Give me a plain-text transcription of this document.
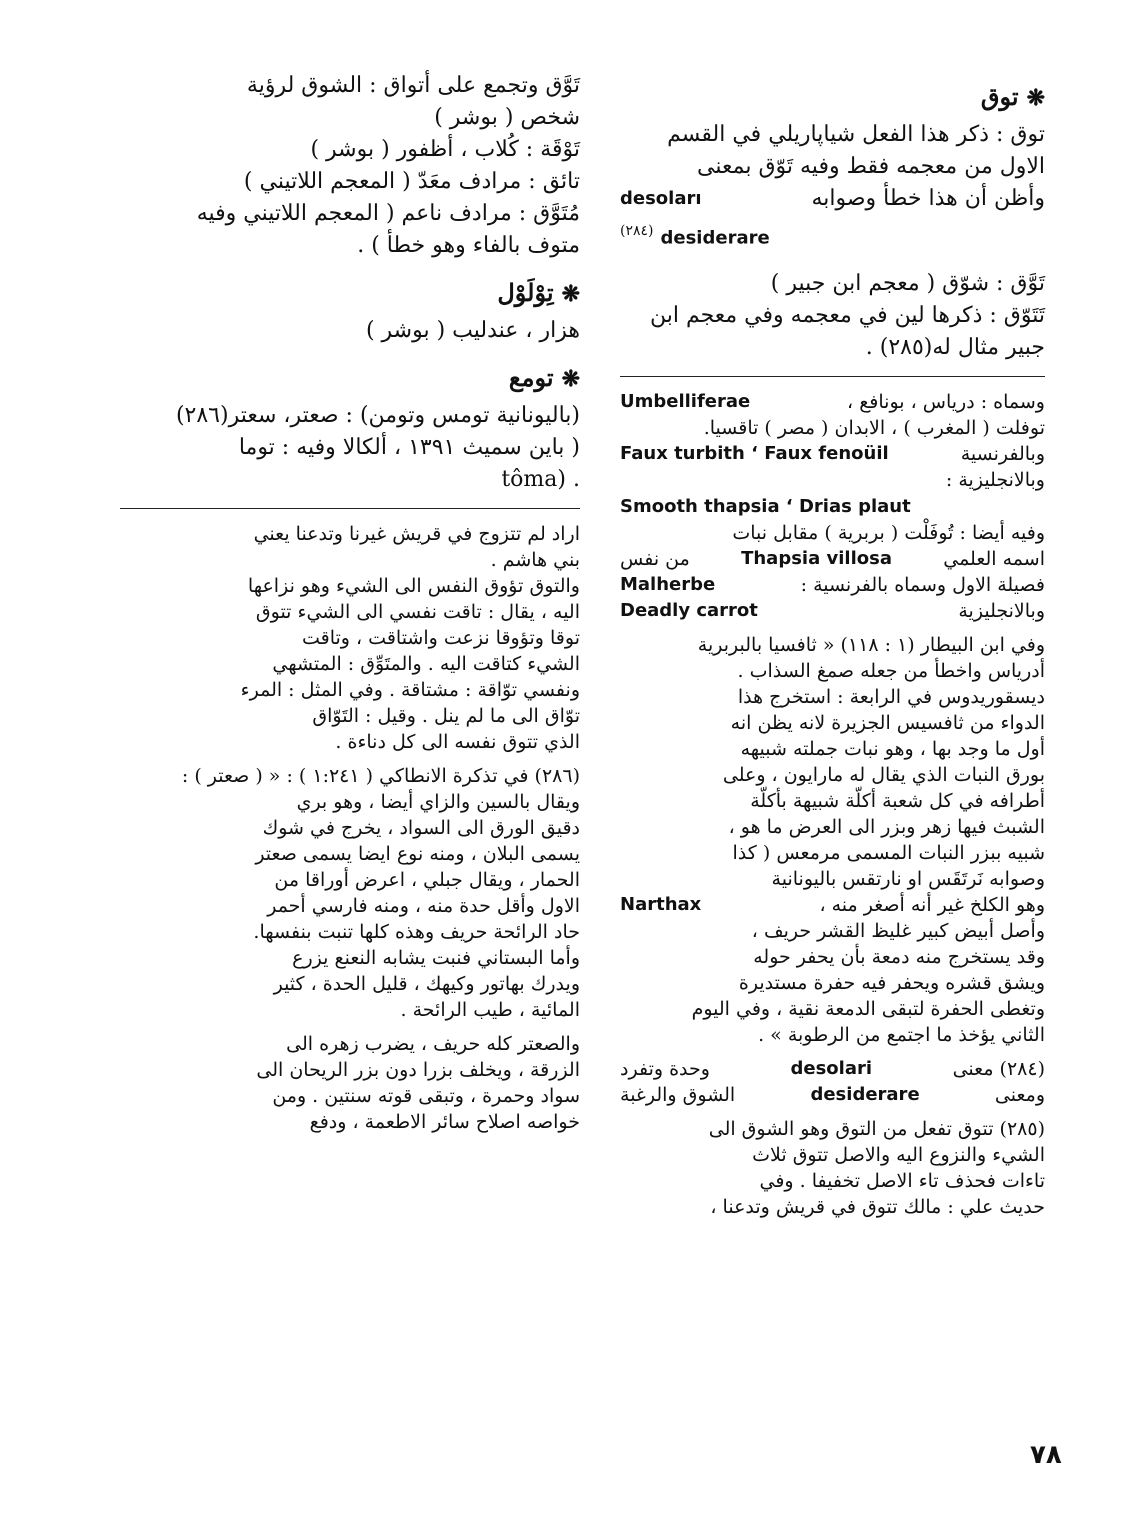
❋توق

توق : ذكر هذا الفعل شياپاريلي في القسم

الاول من معجمه فقط وفيه تَوّق بمعنى

وأظن أن هذا خطأ وصوابه
desoları

desiderare $^{(٢٨٤)}$

تَوَّق : شوّق ( معجم ابن جبير )

تَتَوّق : ذكرها لين في معجمه وفي معجم ابن

جبير مثال له(٢٨٥) .

وسماه : درياس ، بونافع ،
Umbelliferae

توفلت ( المغرب ) ، الابدان ( مصر ) تاقسيا.

وبالفرنسية
Faux turbith ‘ Faux fenoüil

وبالانجليزية :

Smooth thapsia ‘ Drias plaut

وفيه أيضا : تُوفَلْت ( بربرية ) مقابل نبات

اسمه العلمي
Thapsia villosa
من نفس

فصيلة الاول وسماه بالفرنسية :
Malherbe

وبالانجليزية
Deadly carrot

وفي ابن البيطار (١ : ١١٨) « ثافسيا بالبربرية

أدرياس واخطأ من جعله صمغ السذاب .

ديسقوريدوس في الرابعة : استخرج هذا

الدواء من ثافسيس الجزيرة لانه يظن انه

أول ما وجد بها ، وهو نبات جملته شبيهه

بورق النبات الذي يقال له مارايون ، وعلى

أطرافه في كل شعبة أكلّة شبيهة بأكلّة

الشبث فيها زهر وبزر الى العرض ما هو ،

شبيه ببزر النبات المسمى مرمعس ( كذا

وصوابه نَرتَقَس او نارتقس باليونانية

وهو الكلخ غير أنه أصغر منه ،
Narthax

وأصل أبيض كبير غليظ القشر حريف ،

وقد يستخرج منه دمعة بأن يحفر حوله

ويشق قشره ويحفر فيه حفرة مستديرة

وتغطى الحفرة لتبقى الدمعة نقية ، وفي اليوم

الثاني يؤخذ ما اجتمع من الرطوبة » .

(٢٨٤) معنى
desolari
وحدة وتفرد

ومعنى
desiderare
الشوق والرغبة

(٢٨٥) تتوق تفعل من التوق وهو الشوق الى

الشيء والنزوع اليه والاصل تتوق ثلاث

تاءات فحذف تاء الاصل تخفيفا . وفي

حديث علي : مالك تتوق في قريش وتدعنا ،

تَوَّق وتجمع على أتواق : الشوق لرؤية

شخص ( بوشر )

تَوْقَة : كُلاب ، أظفور ( بوشر )

تائق : مرادف معَدّ ( المعجم اللاتيني )

مُتَوَّق : مرادف ناعم ( المعجم اللاتيني وفيه

متوف بالفاء وهو خطأ ) .

❋تِوْلَوْل

هزار ، عندليب ( بوشر )

❋تومع

(باليونانية تومس وتومن) : صعتر، سعتر(٢٨٦)

( باين سميث ١٣٩١ ، ألكالا وفيه : توما

. (tôma

اراد لم تتزوج في قريش غيرنا وتدعنا يعني

بني هاشم .

والتوق تؤوق النفس الى الشيء وهو نزاعها

اليه ، يقال : تاقت نفسي الى الشيء تتوق

توقا وتؤوقا نزعت واشتاقت ، وتاقت

الشيء كتاقت اليه . والمتَوِّق : المتشهي

ونفسي توّاقة : مشتاقة . وفي المثل : المرء

توّاق الى ما لم ينل . وقيل : التَوّاق

الذي تتوق نفسه الى كل دناءة .

(٢٨٦) في تذكرة الانطاكي ( ١:٢٤١ ) : « ( صعتر ) :

ويقال بالسين والزاي أيضا ، وهو بري

دقيق الورق الى السواد ، يخرج في شوك

يسمى البلان ، ومنه نوع ايضا يسمى صعتر

الحمار ، ويقال جبلي ، اعرض أوراقا من

الاول وأقل حدة منه ، ومنه فارسي أحمر

حاد الرائحة حريف وهذه كلها تنبت بنفسها.

وأما البستاني فنبت يشابه النعنع يزرع

ويدرك بهاتور وكيهك ، قليل الحدة ، كثير

المائية ، طيب الرائحة .

والصعتر كله حريف ، يضرب زهره الى

الزرقة ، ويخلف بزرا دون بزر الريحان الى

سواد وحمرة ، وتبقى قوته سنتين . ومن

خواصه اصلاح سائر الاطعمة ، ودفع

٧٨
